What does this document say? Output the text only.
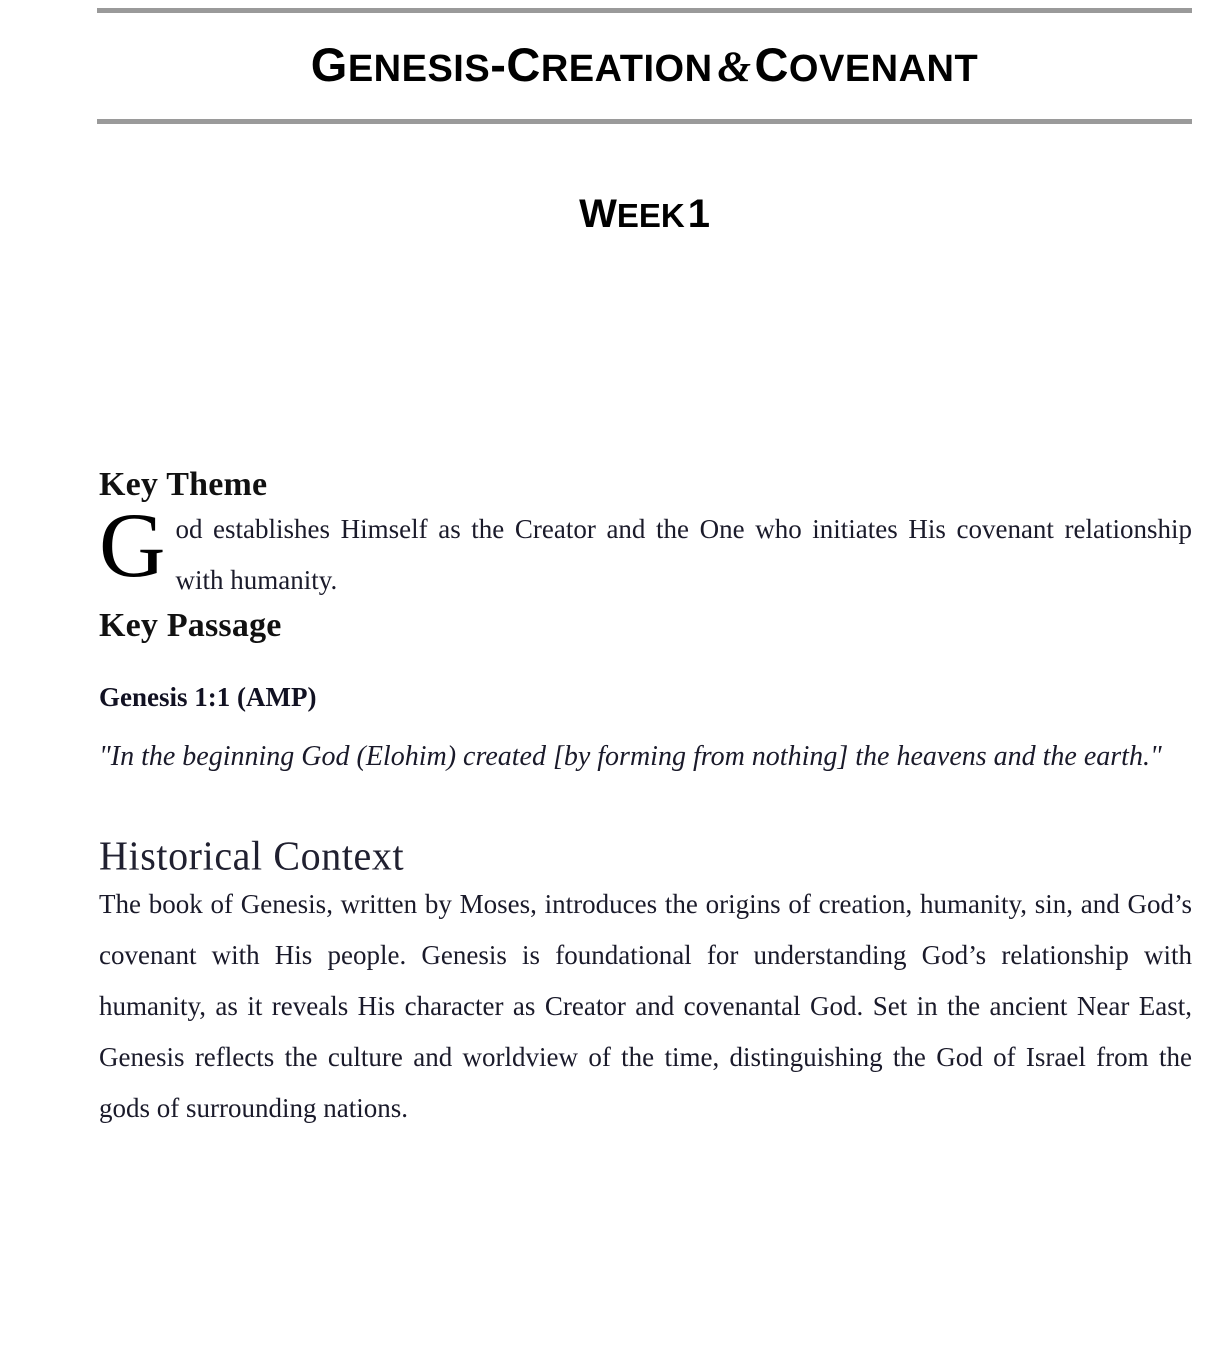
GENESIS-CREATION &COVENANT
WEEK1
Key Theme

God establishes Himself as the Creator and the One who initiates His covenant relationship with humanity.

Key Passage

Genesis 1:1 (AMP)

"In the beginning God (Elohim) created [by forming from nothing] the heavens and the earth."

Historical Context

The book of Genesis, written by Moses, introduces the origins of creation, humanity, sin, and God’s covenant with His people. Genesis is foundational for understanding God’s relationship with humanity, as it reveals His character as Creator and covenantal God. Set in the ancient Near East, Genesis reflects the culture and worldview of the time, distinguishing the God of Israel from the gods of surrounding nations.
